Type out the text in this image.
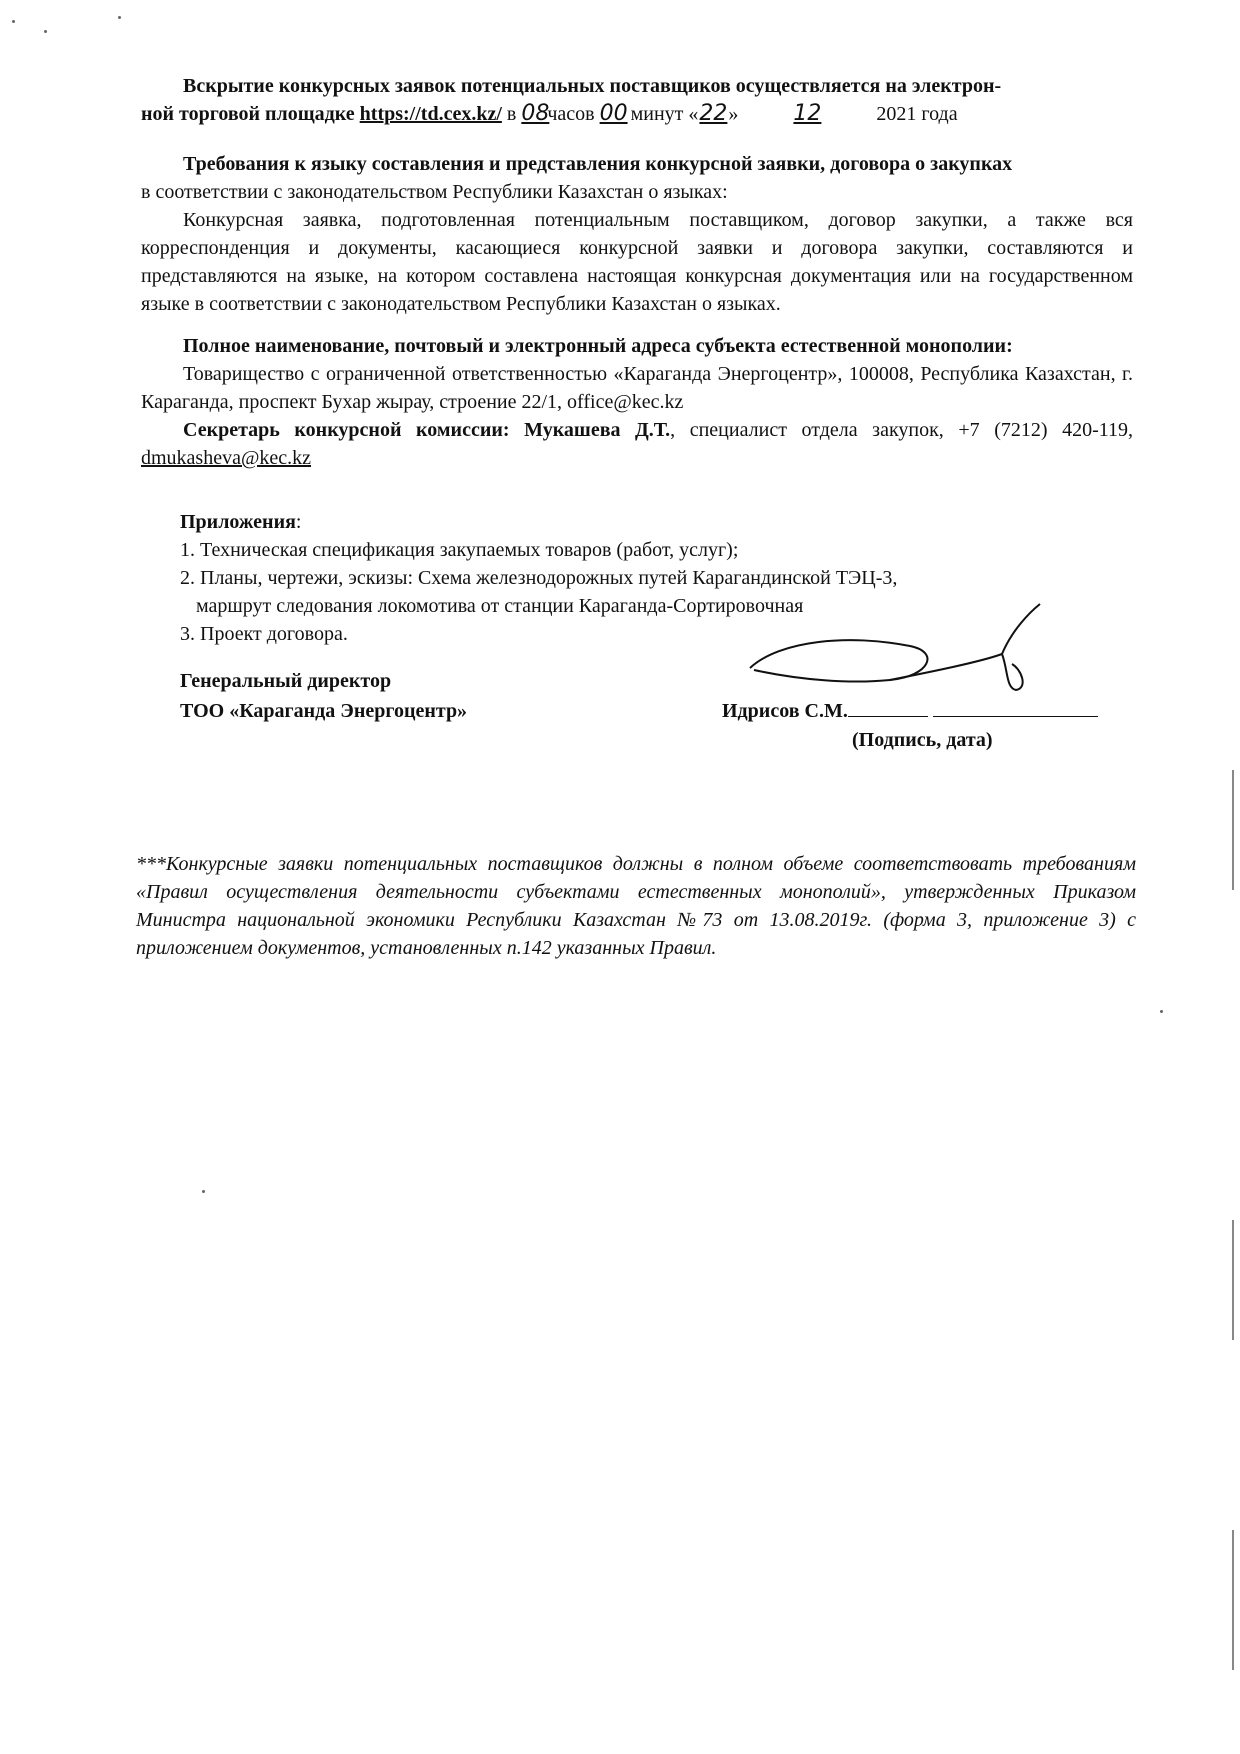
Вскрытие конкурсных заявок потенциальных поставщиков осуществляется на электрон-

ной торговой площадке https://td.cex.kz/ в 08часов 00 минут «22»	12	2021 года

Требования к языку составления и представления конкурсной заявки, договора о закупках

в соответствии с законодательством Республики Казахстан о языках:

Конкурсная заявка, подготовленная потенциальным поставщиком, договор закупки, а также вся корреспонденция и документы, касающиеся конкурсной заявки и договора закупки, составляются и представляются на языке, на котором составлена настоящая конкурсная документация или на государственном языке в соответствии с законодательством Республики Казахстан о языках.

Полное наименование, почтовый и электронный адреса субъекта естественной монополии:

Товарищество с ограниченной ответственностью «Караганда Энергоцентр», 100008, Республика Казахстан, г. Караганда, проспект Бухар жырау, строение 22/1, office@kec.kz

Секретарь конкурсной комиссии: Мукашева Д.Т., специалист отдела закупок, +7 (7212) 420-119, dmukasheva@kec.kz

Приложения:

1. Техническая спецификация закупаемых товаров (работ, услуг);

2. Планы, чертежи, эскизы: Схема железнодорожных путей Карагандинской ТЭЦ-3,

маршрут следования локомотива от станции Караганда-Сортировочная

3. Проект договора.

Генеральный директор
ТОО «Караганда Энергоцентр»	Идрисов С.М.
(Подпись, дата)
***Конкурсные заявки потенциальных поставщиков должны в полном объеме соответствовать требованиям «Правил осуществления деятельности субъектами естественных монополий», утвержденных Приказом Министра национальной экономики Республики Казахстан №73 от 13.08.2019г. (форма 3, приложение 3) с приложением документов, установленных п.142 указанных Правил.
